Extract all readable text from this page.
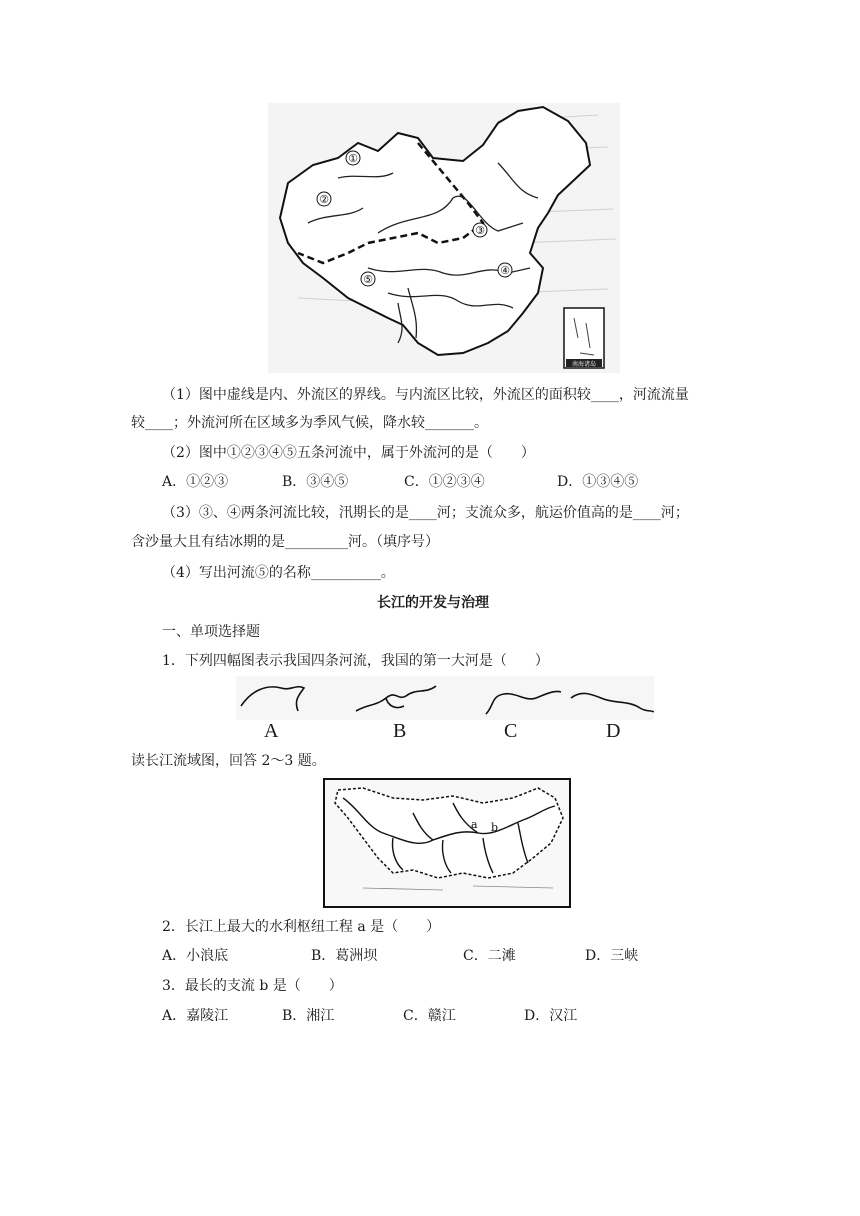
①
②
③
④
⑤
南海诸岛
（1）图中虚线是内、外流区的界线。与内流区比较，外流区的面积较____，河流流量
较____；外流河所在区域多为季风气候，降水较_______。
（2）图中①②③④⑤五条河流中，属于外流河的是（　　）
A．①②③	B．③④⑤	C．①②③④	D．①③④⑤
（3）③、④两条河流比较，汛期长的是____河；支流众多，航运价值高的是____河；
含沙量大且有结冰期的是_________河。（填序号）
（4）写出河流⑤的名称__________。
长江的开发与治理
一、单项选择题
1．下列四幅图表示我国四条河流，我国的第一大河是（　　）
A	B	C	D
读长江流域图，回答 2～3 题。
a b
2．长江上最大的水利枢纽工程 a 是（　　）
A．小浪底	B．葛洲坝	C．二滩	D．三峡
3．最长的支流 b 是（　　）
A．嘉陵江	B．湘江	C．赣江	D．汉江
